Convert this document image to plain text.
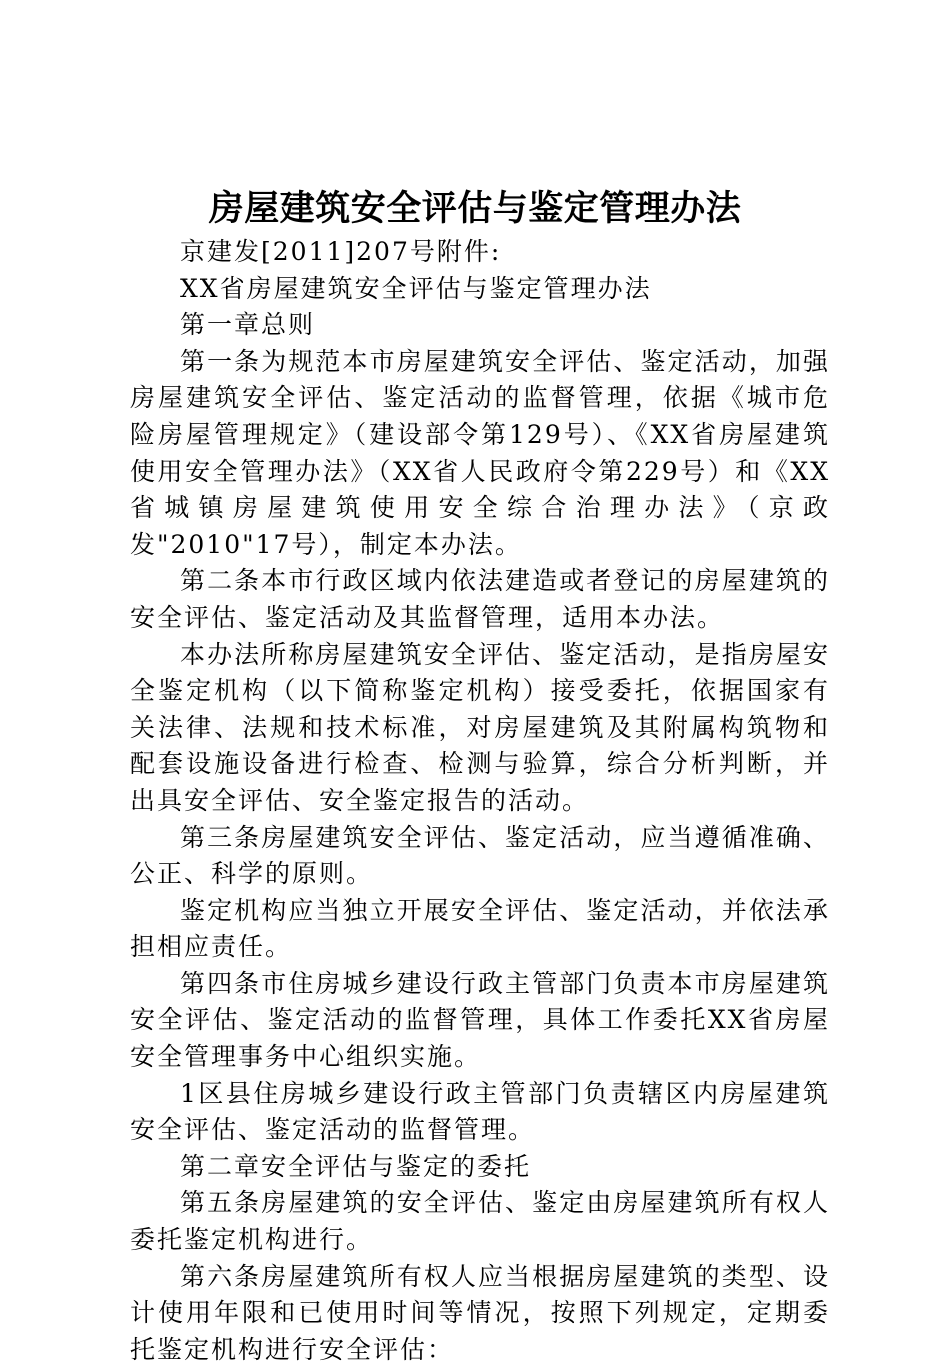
房屋建筑安全评估与鉴定管理办法

京建发[2011]207号附件:

XX省房屋建筑安全评估与鉴定管理办法

第一章总则

第一条为规范本市房屋建筑安全评估、鉴定活动，加强房屋建筑安全评估、鉴定活动的监督管理，依据《城市危险房屋管理规定》（建设部令第129号）、《XX省房屋建筑使用安全管理办法》（XX省人民政府令第229号）和《XX省城镇房屋建筑使用安全综合治理办法》（京政发"2010"17号），制定本办法。

第二条本市行政区域内依法建造或者登记的房屋建筑的安全评估、鉴定活动及其监督管理，适用本办法。

本办法所称房屋建筑安全评估、鉴定活动，是指房屋安全鉴定机构（以下简称鉴定机构）接受委托，依据国家有关法律、法规和技术标准，对房屋建筑及其附属构筑物和配套设施设备进行检查、检测与验算，综合分析判断，并出具安全评估、安全鉴定报告的活动。

第三条房屋建筑安全评估、鉴定活动，应当遵循准确、公正、科学的原则。

鉴定机构应当独立开展安全评估、鉴定活动，并依法承担相应责任。

第四条市住房城乡建设行政主管部门负责本市房屋建筑安全评估、鉴定活动的监督管理，具体工作委托XX省房屋安全管理事务中心组织实施。

1区县住房城乡建设行政主管部门负责辖区内房屋建筑安全评估、鉴定活动的监督管理。

第二章安全评估与鉴定的委托

第五条房屋建筑的安全评估、鉴定由房屋建筑所有权人委托鉴定机构进行。

第六条房屋建筑所有权人应当根据房屋建筑的类型、设计使用年限和已使用时间等情况，按照下列规定，定期委托鉴定机构进行安全评估：
